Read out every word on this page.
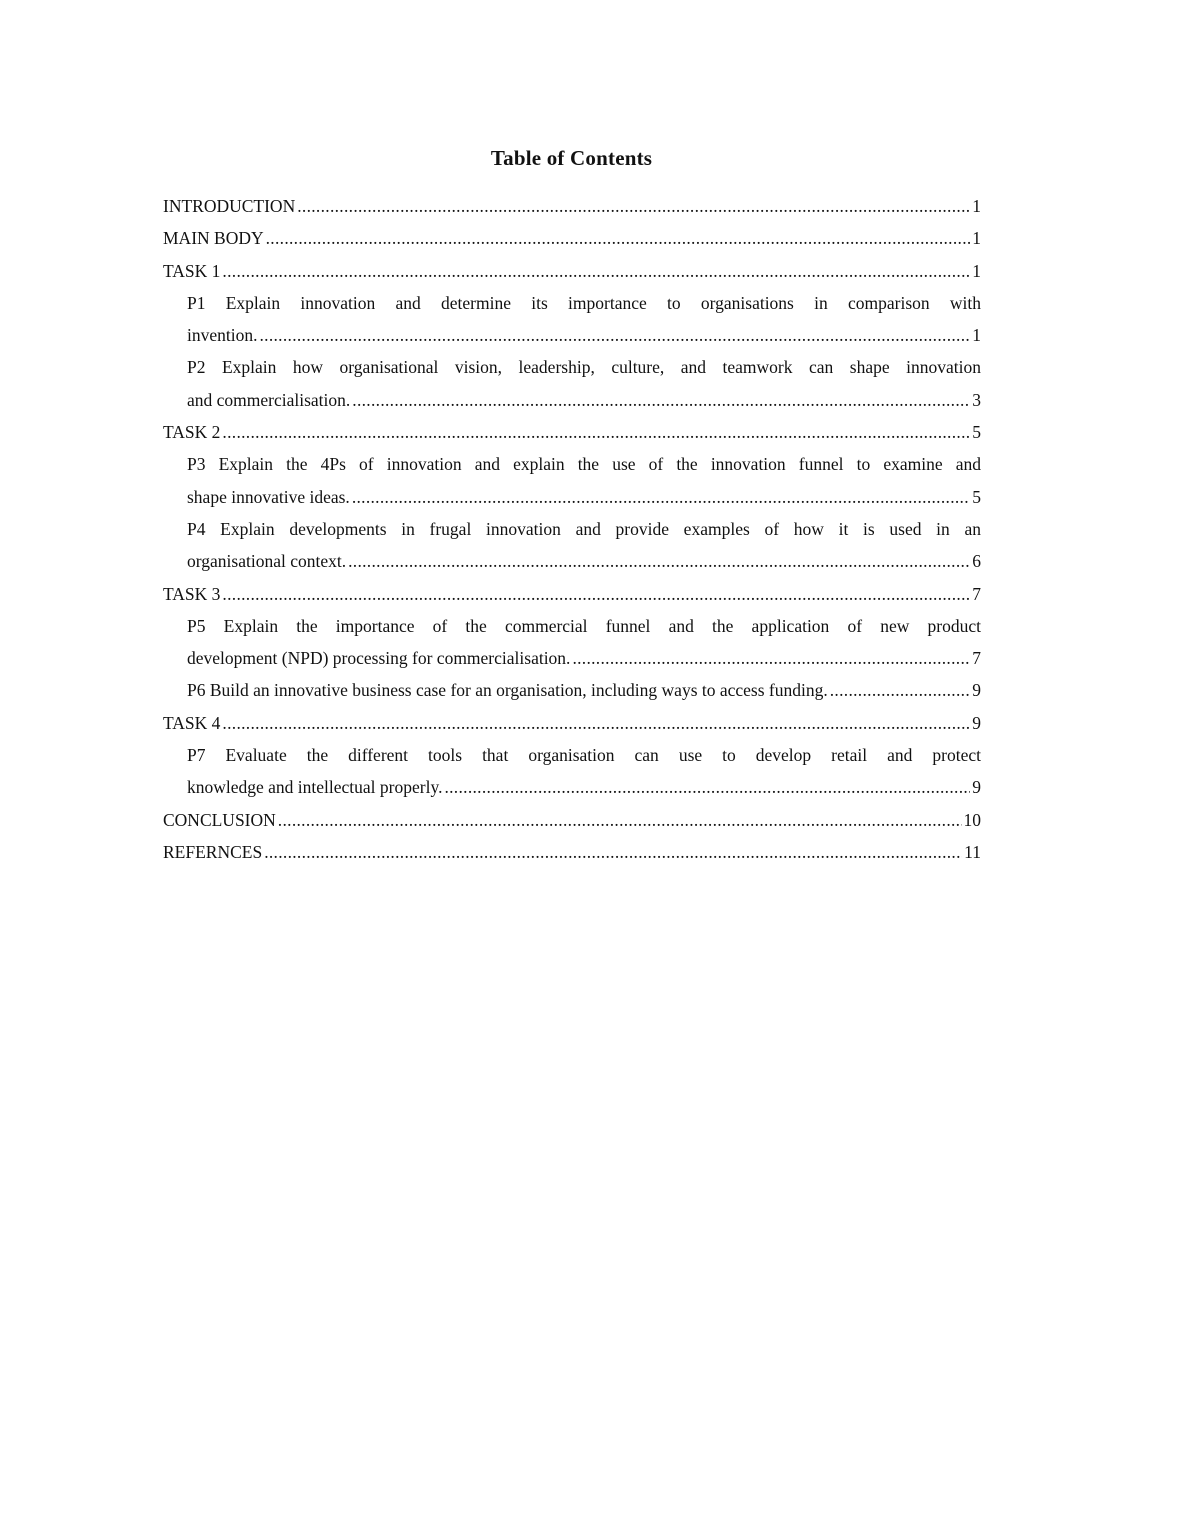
Table of Contents
INTRODUCTION .....	1
MAIN BODY .....	1
TASK 1 .....	1
P1 Explain innovation and determine its importance to organisations in comparison with
invention. .....	1
P2 Explain how organisational vision, leadership, culture, and teamwork can shape innovation
and commercialisation. .....	3
TASK 2 .....	5
P3 Explain the 4Ps of innovation and explain the use of the innovation funnel to examine and
shape innovative ideas. .....	5
P4 Explain developments in frugal innovation and provide examples of how it is used in an
organisational context. .....	6
TASK 3 .....	7
P5 Explain the importance of the commercial funnel and the application of new product
development (NPD) processing for commercialisation. .....	7
P6 Build an innovative business case for an organisation, including ways to access funding. .....	9
TASK 4 .....	9
P7 Evaluate the different tools that organisation can use to develop retail and protect
knowledge and intellectual properly. .....	9
CONCLUSION .....	10
REFERNCES .....	11
